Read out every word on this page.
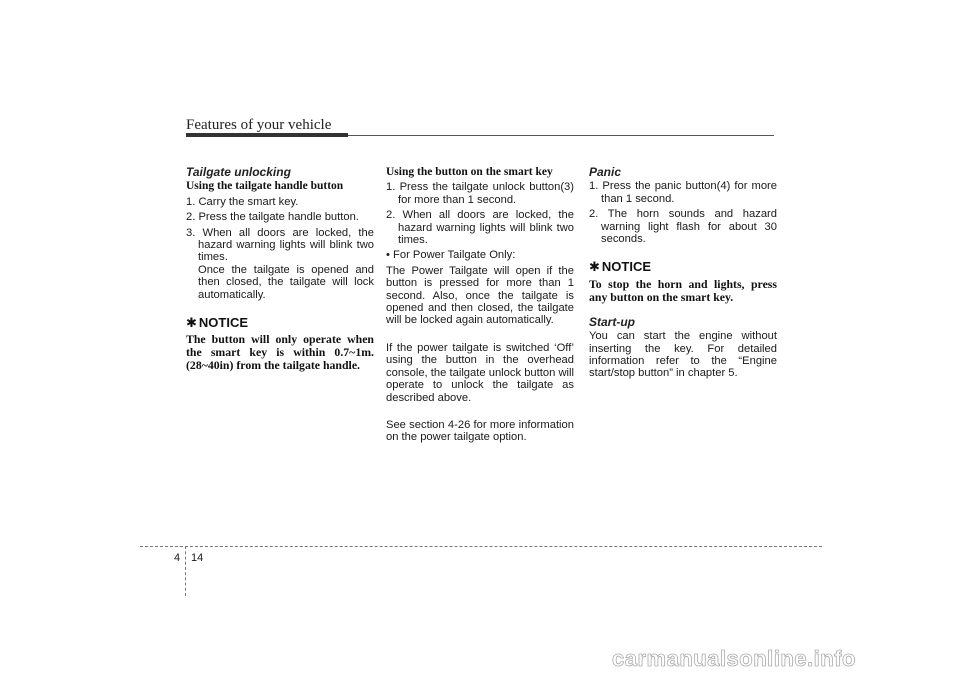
Features of your vehicle
Tailgate unlocking
Using the tailgate handle button
1. Carry the smart key.
2. Press the tailgate handle button.
3. When all doors are locked, the hazard warning lights will blink two times.
Once the tailgate is opened and then closed, the tailgate will lock automatically.
✱ NOTICE

The button will only operate when the smart key is within 0.7~1m. (28~40in) from the tailgate handle.

Using the button on the smart key
1. Press the tailgate unlock button(3) for more than 1 second.
2. When all doors are locked, the hazard warning lights will blink two times.
• For Power Tailgate Only:

The Power Tailgate will open if the button is pressed for more than 1 second. Also, once the tailgate is opened and then closed, the tailgate will be locked again automatically.

If the power tailgate is switched ‘Off’ using the button in the overhead console, the tailgate unlock button will operate to unlock the tailgate as described above.

See section 4-26 for more information on the power tailgate option.

Panic
1. Press the panic button(4) for more than 1 second.
2. The horn sounds and hazard warning light flash for about 30 seconds.
✱ NOTICE

To stop the horn and lights, press any button on the smart key.

Start-up

You can start the engine without inserting the key. For detailed information refer to the “Engine start/stop button” in chapter 5.

4 14
carmanualsonline.info
